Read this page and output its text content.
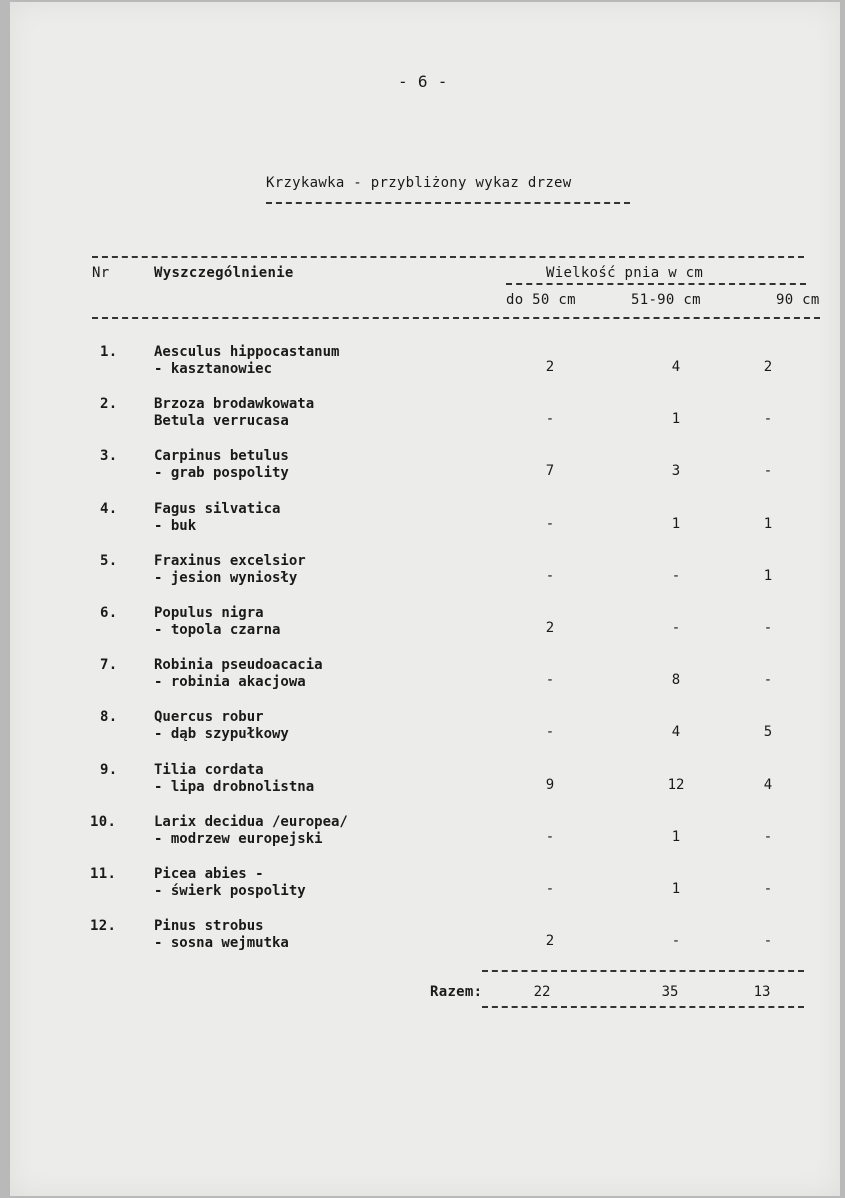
- 6 -
Krzykawka - przybliżony wykaz drzew
Nr	Wyszczególnienie	Wielkość pnia w cm
do 50 cm	51-90 cm	90 cm
1.	Aesculus hippocastanum
- kasztanowiec	2	4	2
2.	Brzoza brodawkowata
Betula verrucasa	-	1	-
3.	Carpinus betulus
- grab pospolity	7	3	-
4.	Fagus silvatica
- buk	-	1	1
5.	Fraxinus excelsior
- jesion wyniosły	-	-	1
6.	Populus nigra
- topola czarna	2	-	-
7.	Robinia pseudoacacia
- robinia akacjowa	-	8	-
8.	Quercus robur
- dąb szypułkowy	-	4	5
9.	Tilia cordata
- lipa drobnolistna	9	12	4
10.	Larix decidua /europea/
- modrzew europejski	-	1	-
11.	Picea abies -
- świerk pospolity	-	1	-
12.	Pinus strobus
- sosna wejmutka	2	-	-
Razem:	22	35	13
